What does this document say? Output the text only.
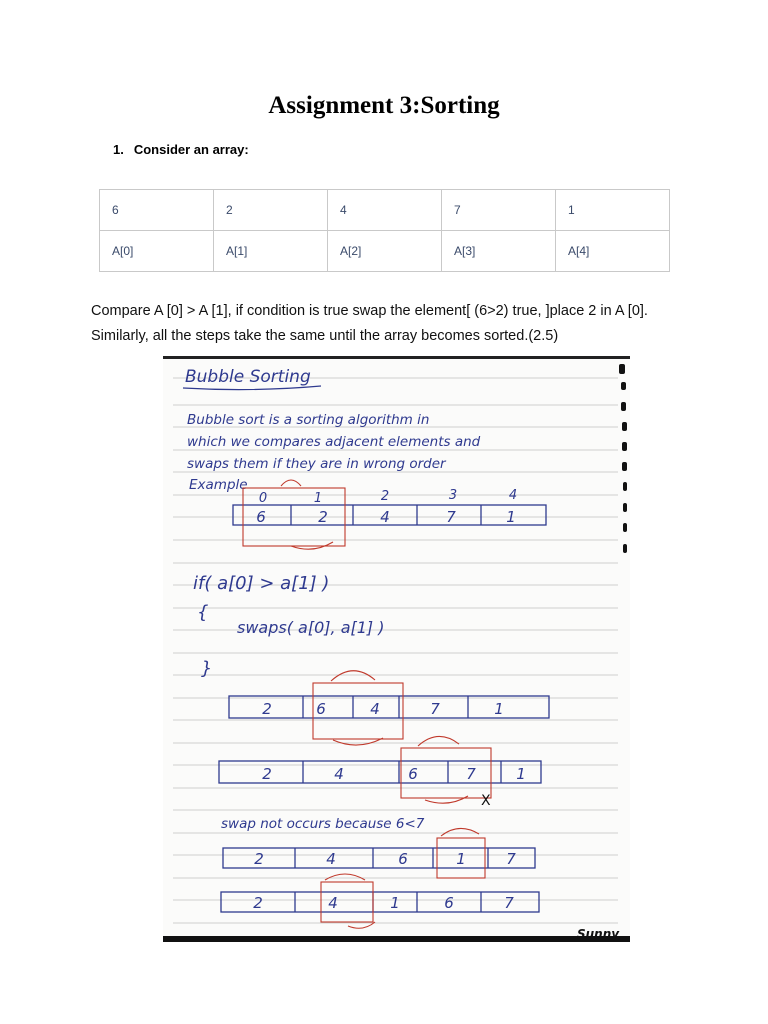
Assignment 3:Sorting
1. Consider an array:
6	2	4	7	1
A[0]	A[1]	A[2]	A[3]	A[4]
Compare A [0] > A [1], if condition is true swap the element[ (6>2) true, ]place 2 in A [0]. Similarly, all the steps take the same until the array becomes sorted.(2.5)
Bubble Sorting
Bubble sort is a sorting algorithm in
which we compares adjacent elements and
swaps them if they are in wrong order
Example
0	1	2	3	4
6	2	4	7	1
if( a[0] > a[1] )
{
swaps( a[0], a[1] )
}
X
swap not occurs because 6<7
2	6	4	7	1
2	4	6	7	1
2	4	6	1	7
2	4	1	6	7
Sunny
